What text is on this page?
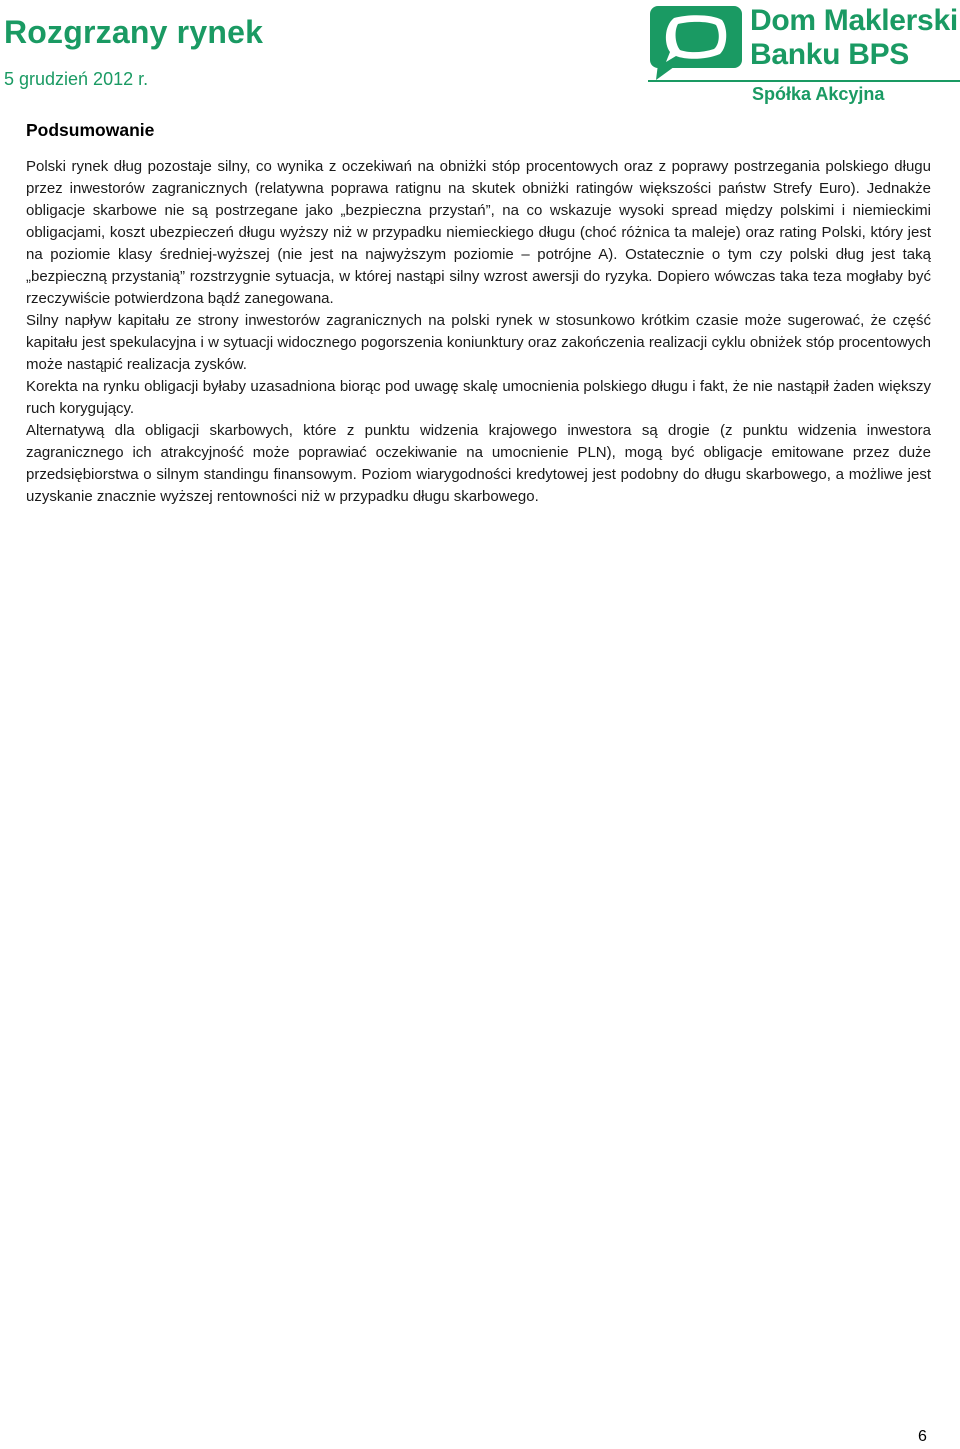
Rozgrzany rynek
5 grudzień 2012 r.
Dom Maklerski
Banku BPS
Spółka Akcyjna
Podsumowanie

Polski rynek dług pozostaje silny, co wynika z oczekiwań na obniżki stóp procentowych oraz z poprawy postrzegania polskiego długu przez inwestorów zagranicznych (relatywna poprawa ratignu na skutek obniżki ratingów większości państw Strefy Euro). Jednakże obligacje skarbowe nie są postrzegane jako „bezpieczna przystań”, na co wskazuje wysoki spread między polskimi i niemieckimi obligacjami, koszt ubezpieczeń długu wyższy niż w przypadku niemieckiego długu (choć różnica ta maleje) oraz rating Polski, który jest na poziomie klasy średniej-wyższej (nie jest na najwyższym poziomie – potrójne A). Ostatecznie o tym czy polski dług jest taką „bezpieczną przystanią” rozstrzygnie sytuacja, w której nastąpi silny wzrost awersji do ryzyka. Dopiero wówczas taka teza mogłaby być rzeczywiście potwierdzona bądź zanegowana.

Silny napływ kapitału ze strony inwestorów zagranicznych na polski rynek w stosunkowo krótkim czasie może sugerować, że część kapitału jest spekulacyjna i w sytuacji widocznego pogorszenia koniunktury oraz zakończenia realizacji cyklu obniżek stóp procentowych może nastąpić realizacja zysków.

Korekta na rynku obligacji byłaby uzasadniona biorąc pod uwagę skalę umocnienia polskiego długu i fakt, że nie nastąpił żaden większy ruch korygujący.

Alternatywą dla obligacji skarbowych, które z punktu widzenia krajowego inwestora są drogie (z punktu widzenia inwestora zagranicznego ich atrakcyjność może poprawiać oczekiwanie na umocnienie PLN), mogą być obligacje emitowane przez duże przedsiębiorstwa o silnym standingu finansowym. Poziom wiarygodności kredytowej jest podobny do długu skarbowego, a możliwe jest uzyskanie znacznie wyższej rentowności niż w przypadku długu skarbowego.

6
